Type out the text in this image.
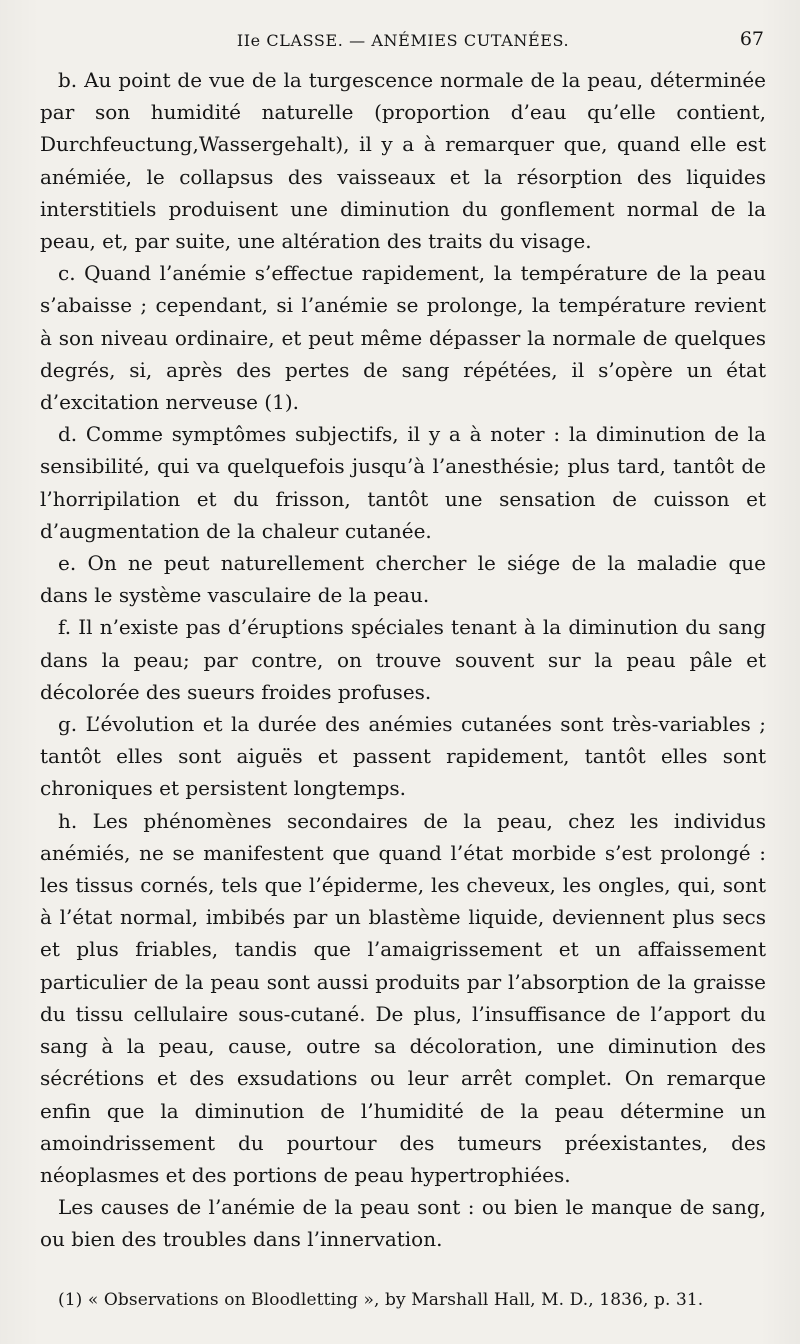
IIe CLASSE. — ANÉMIES CUTANÉES.	67

b. Au point de vue de la turgescence normale de la peau, déterminée par son humidité naturelle (proportion d’eau qu’elle contient, Durchfeuctung,Wassergehalt), il y a à remarquer que, quand elle est anémiée, le collapsus des vaisseaux et la résorption des liquides interstitiels produisent une diminution du gonflement normal de la peau, et, par suite, une altération des traits du visage.

c. Quand l’anémie s’effectue rapidement, la température de la peau s’abaisse ; cependant, si l’anémie se prolonge, la température revient à son niveau ordinaire, et peut même dépasser la normale de quelques degrés, si, après des pertes de sang répétées, il s’opère un état d’excitation nerveuse (1).

d. Comme symptômes subjectifs, il y a à noter : la diminution de la sensibilité, qui va quelquefois jusqu’à l’anesthésie; plus tard, tantôt de l’horripilation et du frisson, tantôt une sensation de cuisson et d’augmentation de la chaleur cutanée.

e. On ne peut naturellement chercher le siége de la maladie que dans le système vasculaire de la peau.

f. Il n’existe pas d’éruptions spéciales tenant à la diminution du sang dans la peau; par contre, on trouve souvent sur la peau pâle et décolorée des sueurs froides profuses.

g. L’évolution et la durée des anémies cutanées sont très-variables ; tantôt elles sont aiguës et passent rapidement, tantôt elles sont chroniques et persistent longtemps.

h. Les phénomènes secondaires de la peau, chez les individus anémiés, ne se manifestent que quand l’état morbide s’est prolongé : les tissus cornés, tels que l’épiderme, les cheveux, les ongles, qui, sont à l’état normal, imbibés par un blastème liquide, deviennent plus secs et plus friables, tandis que l’amaigrissement et un affaissement particulier de la peau sont aussi produits par l’absorption de la graisse du tissu cellulaire sous-cutané. De plus, l’insuffisance de l’apport du sang à la peau, cause, outre sa décoloration, une diminution des sécrétions et des exsudations ou leur arrêt complet. On remarque enfin que la diminution de l’humidité de la peau détermine un amoindrissement du pourtour des tumeurs préexistantes, des néoplasmes et des portions de peau hypertrophiées.

Les causes de l’anémie de la peau sont : ou bien le manque de sang, ou bien des troubles dans l’innervation.

(1) « Observations on Bloodletting », by Marshall Hall, M. D., 1836, p. 31.
